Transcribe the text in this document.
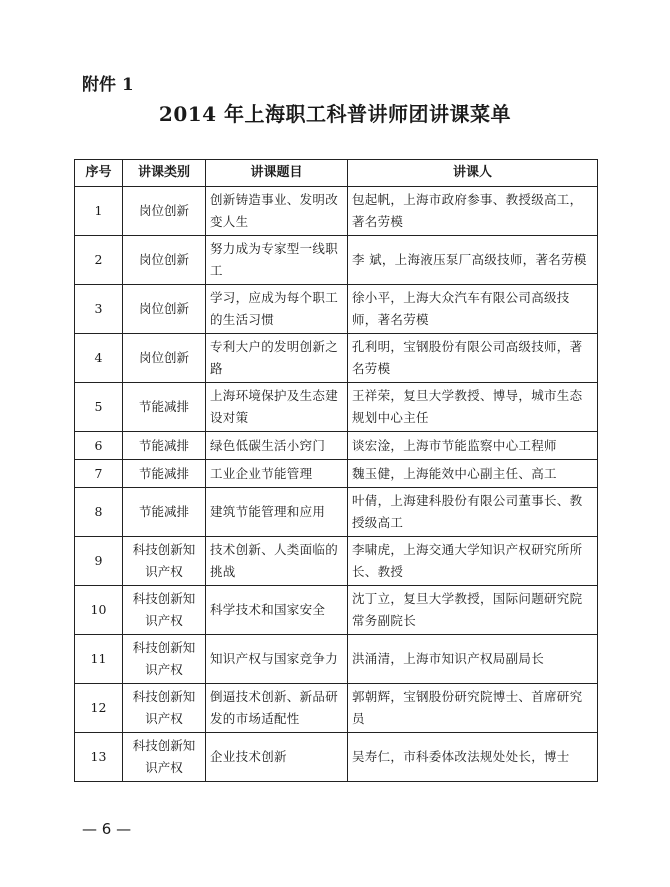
附件 1
2014 年上海职工科普讲师团讲课菜单
序号	讲课类别	讲课题目	讲课人
1	岗位创新	创新铸造事业、发明改变人生	包起帆，上海市政府参事、教授级高工，著名劳模
2	岗位创新	努力成为专家型一线职工	李 斌，上海液压泵厂高级技师，著名劳模
3	岗位创新	学习，应成为每个职工的生活习惯	徐小平，上海大众汽车有限公司高级技师，著名劳模
4	岗位创新	专利大户的发明创新之路	孔利明，宝钢股份有限公司高级技师，著名劳模
5	节能减排	上海环境保护及生态建设对策	王祥荣，复旦大学教授、博导，城市生态规划中心主任
6	节能减排	绿色低碳生活小窍门	谈宏淦，上海市节能监察中心工程师
7	节能减排	工业企业节能管理	魏玉健，上海能效中心副主任、高工
8	节能减排	建筑节能管理和应用	叶倩，上海建科股份有限公司董事长、教授级高工
9	科技创新知识产权	技术创新、人类面临的挑战	李啸虎，上海交通大学知识产权研究所所长、教授
10	科技创新知识产权	科学技术和国家安全	沈丁立，复旦大学教授，国际问题研究院常务副院长
11	科技创新知识产权	知识产权与国家竞争力	洪涌清，上海市知识产权局副局长
12	科技创新知识产权	倒逼技术创新、新品研发的市场适配性	郭朝辉，宝钢股份研究院博士、首席研究员
13	科技创新知识产权	企业技术创新	吴寿仁，市科委体改法规处处长，博士
— 6 —
